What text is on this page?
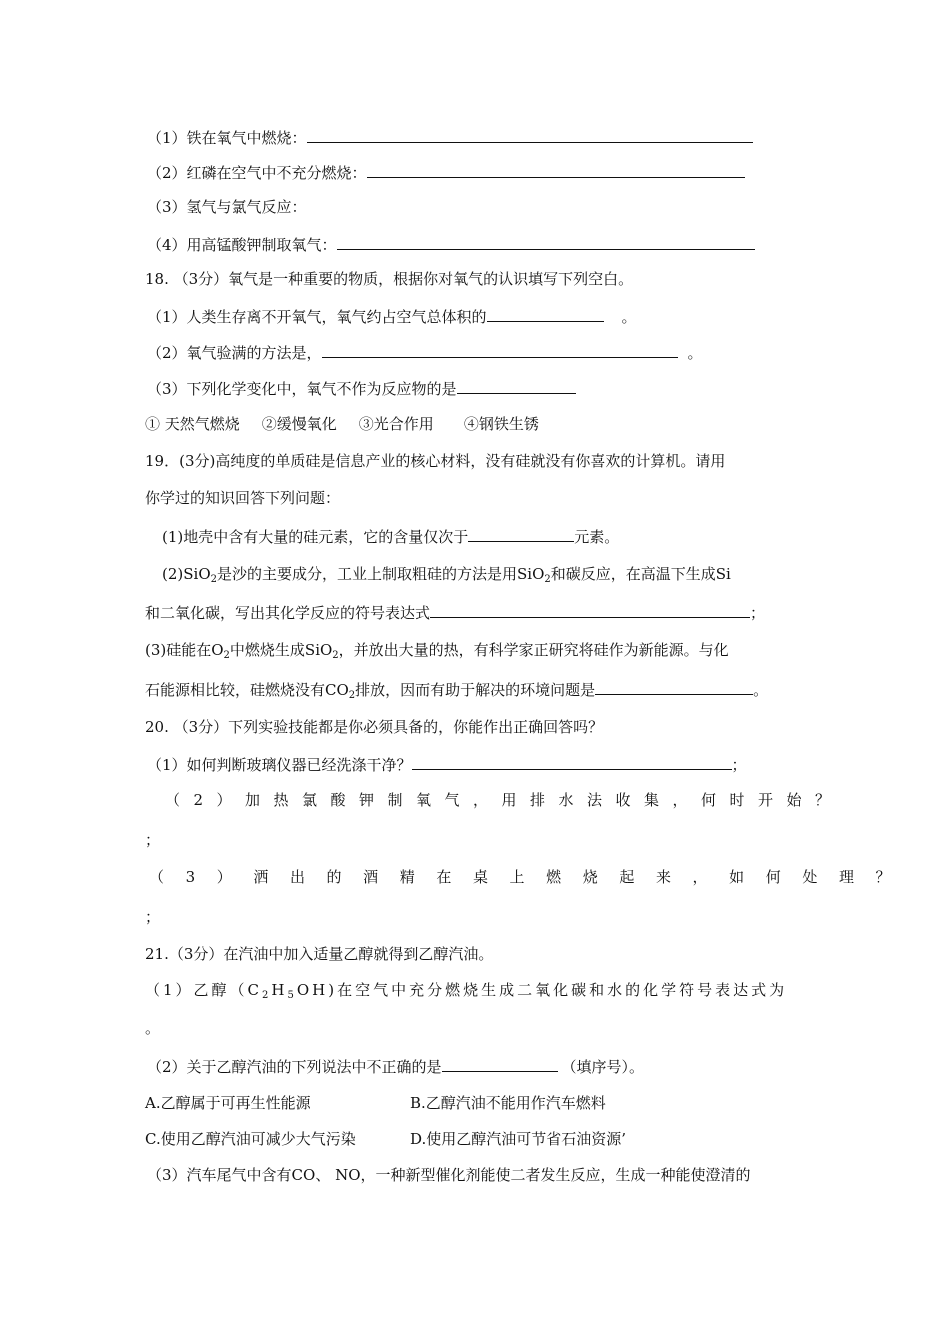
（1）铁在氧气中燃烧：
（2）红磷在空气中不充分燃烧：
（3）氢气与氯气反应：
（4）用高锰酸钾制取氧气：
18. （3分）氧气是一种重要的物质，根据你对氧气的认识填写下列空白。
（1）人类生存离不开氧气，氧气约占空气总体积的	。
（2）氧气验满的方法是，	。
（3）下列化学变化中，氧气不作为反应物的是
① 天然气燃烧 ②缓慢氧化 ③光合作用 ④钢铁生锈
19．(3分)高纯度的单质硅是信息产业的核心材料，没有硅就没有你喜欢的计算机。请用
你学过的知识回答下列问题：
(1)地壳中含有大量的硅元素，它的含量仅次于	元素。
(2)SiO$_2$是沙的主要成分，工业上制取粗硅的方法是用SiO$_2$和碳反应，在高温下生成Si
和二氧化碳，写出其化学反应的符号表达式	；
(3)硅能在$O_2$中燃烧生成SiO$_2$，并放出大量的热，有科学家正研究将硅作为新能源。与化
石能源相比较，硅燃烧没有$CO_2$排放，因而有助于解决的环境问题是	。
20. （3分）下列实验技能都是你必须具备的，你能作出正确回答吗？
（1）如何判断玻璃仪器已经洗涤干净？	；
（2）加热氯酸钾制氧气，用排水法收集，何时开始？
；
（3）洒出的酒精在桌上燃烧起来，如何处理？
；
21.（3分）在汽油中加入适量乙醇就得到乙醇汽油。
（1）乙醇$(C_2H_5OH)$在空气中充分燃烧生成二氧化碳和水的化学符号表达式为
。
（2）关于乙醇汽油的下列说法中不正确的是	（填序号）。
A.乙醇属于可再生性能源	B.乙醇汽油不能用作汽车燃料
C.使用乙醇汽油可减少大气污染	D.使用乙醇汽油可节省石油资源’
（3）汽车尾气中含有CO、 NO，一种新型催化剂能使二者发生反应，生成一种能使澄清的
